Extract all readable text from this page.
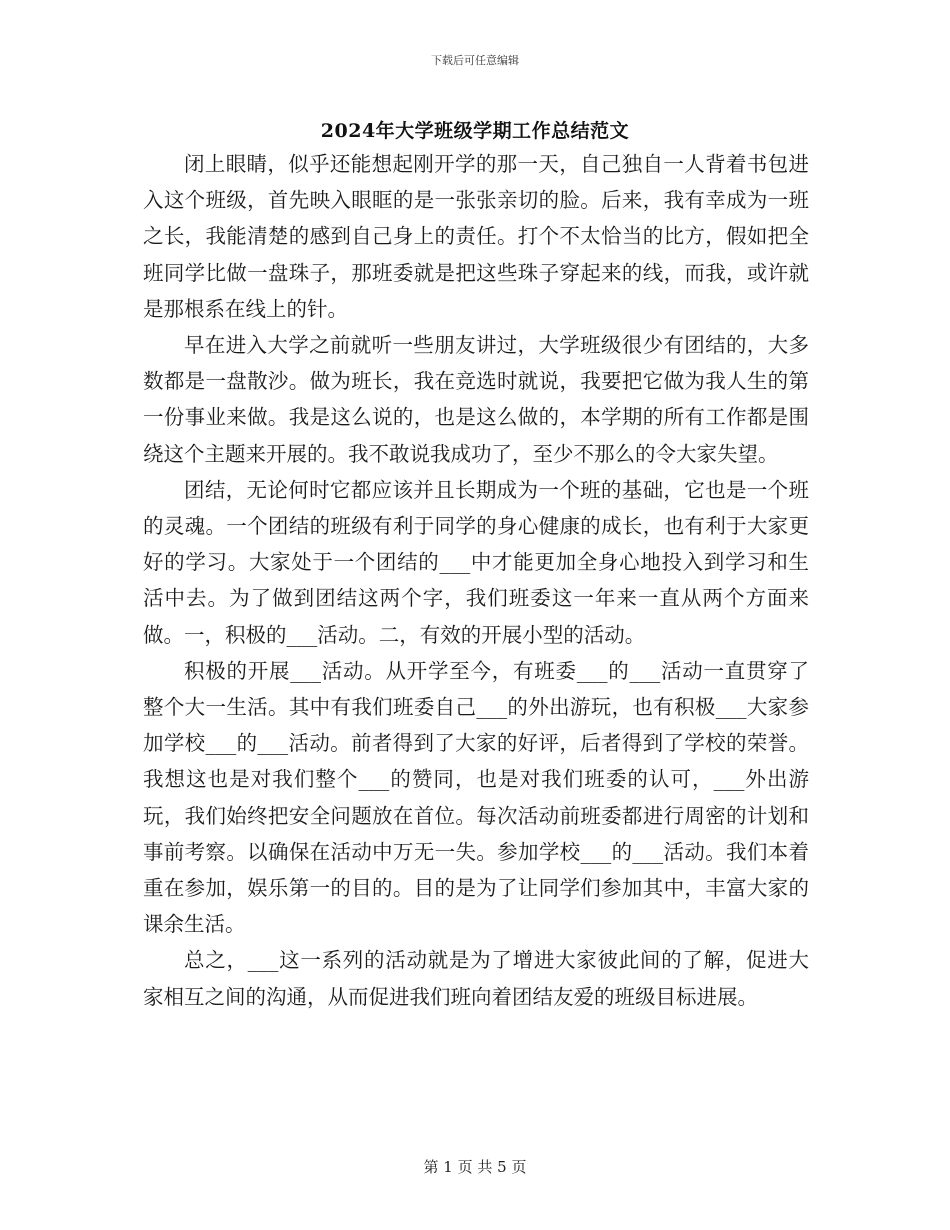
下载后可任意编辑
2024年大学班级学期工作总结范文

闭上眼睛，似乎还能想起刚开学的那一天，自己独自一人背着书包进入这个班级，首先映入眼眶的是一张张亲切的脸。后来，我有幸成为一班之长，我能清楚的感到自己身上的责任。打个不太恰当的比方，假如把全班同学比做一盘珠子，那班委就是把这些珠子穿起来的线，而我，或许就是那根系在线上的针。

早在进入大学之前就听一些朋友讲过，大学班级很少有团结的，大多数都是一盘散沙。做为班长，我在竞选时就说，我要把它做为我人生的第一份事业来做。我是这么说的，也是这么做的，本学期的所有工作都是围绕这个主题来开展的。我不敢说我成功了，至少不那么的令大家失望。

团结，无论何时它都应该并且长期成为一个班的基础，它也是一个班的灵魂。一个团结的班级有利于同学的身心健康的成长，也有利于大家更好的学习。大家处于一个团结的___中才能更加全身心地投入到学习和生活中去。为了做到团结这两个字，我们班委这一年来一直从两个方面来做。一，积极的___活动。二，有效的开展小型的活动。

积极的开展___活动。从开学至今，有班委___的___活动一直贯穿了整个大一生活。其中有我们班委自己___的外出游玩，也有积极___大家参加学校___的___活动。前者得到了大家的好评，后者得到了学校的荣誉。我想这也是对我们整个___的赞同，也是对我们班委的认可，___外出游玩，我们始终把安全问题放在首位。每次活动前班委都进行周密的计划和事前考察。以确保在活动中万无一失。参加学校___的___活动。我们本着重在参加，娱乐第一的目的。目的是为了让同学们参加其中，丰富大家的课余生活。

总之，___这一系列的活动就是为了增进大家彼此间的了解，促进大家相互之间的沟通，从而促进我们班向着团结友爱的班级目标进展。

第 1 页 共 5 页
